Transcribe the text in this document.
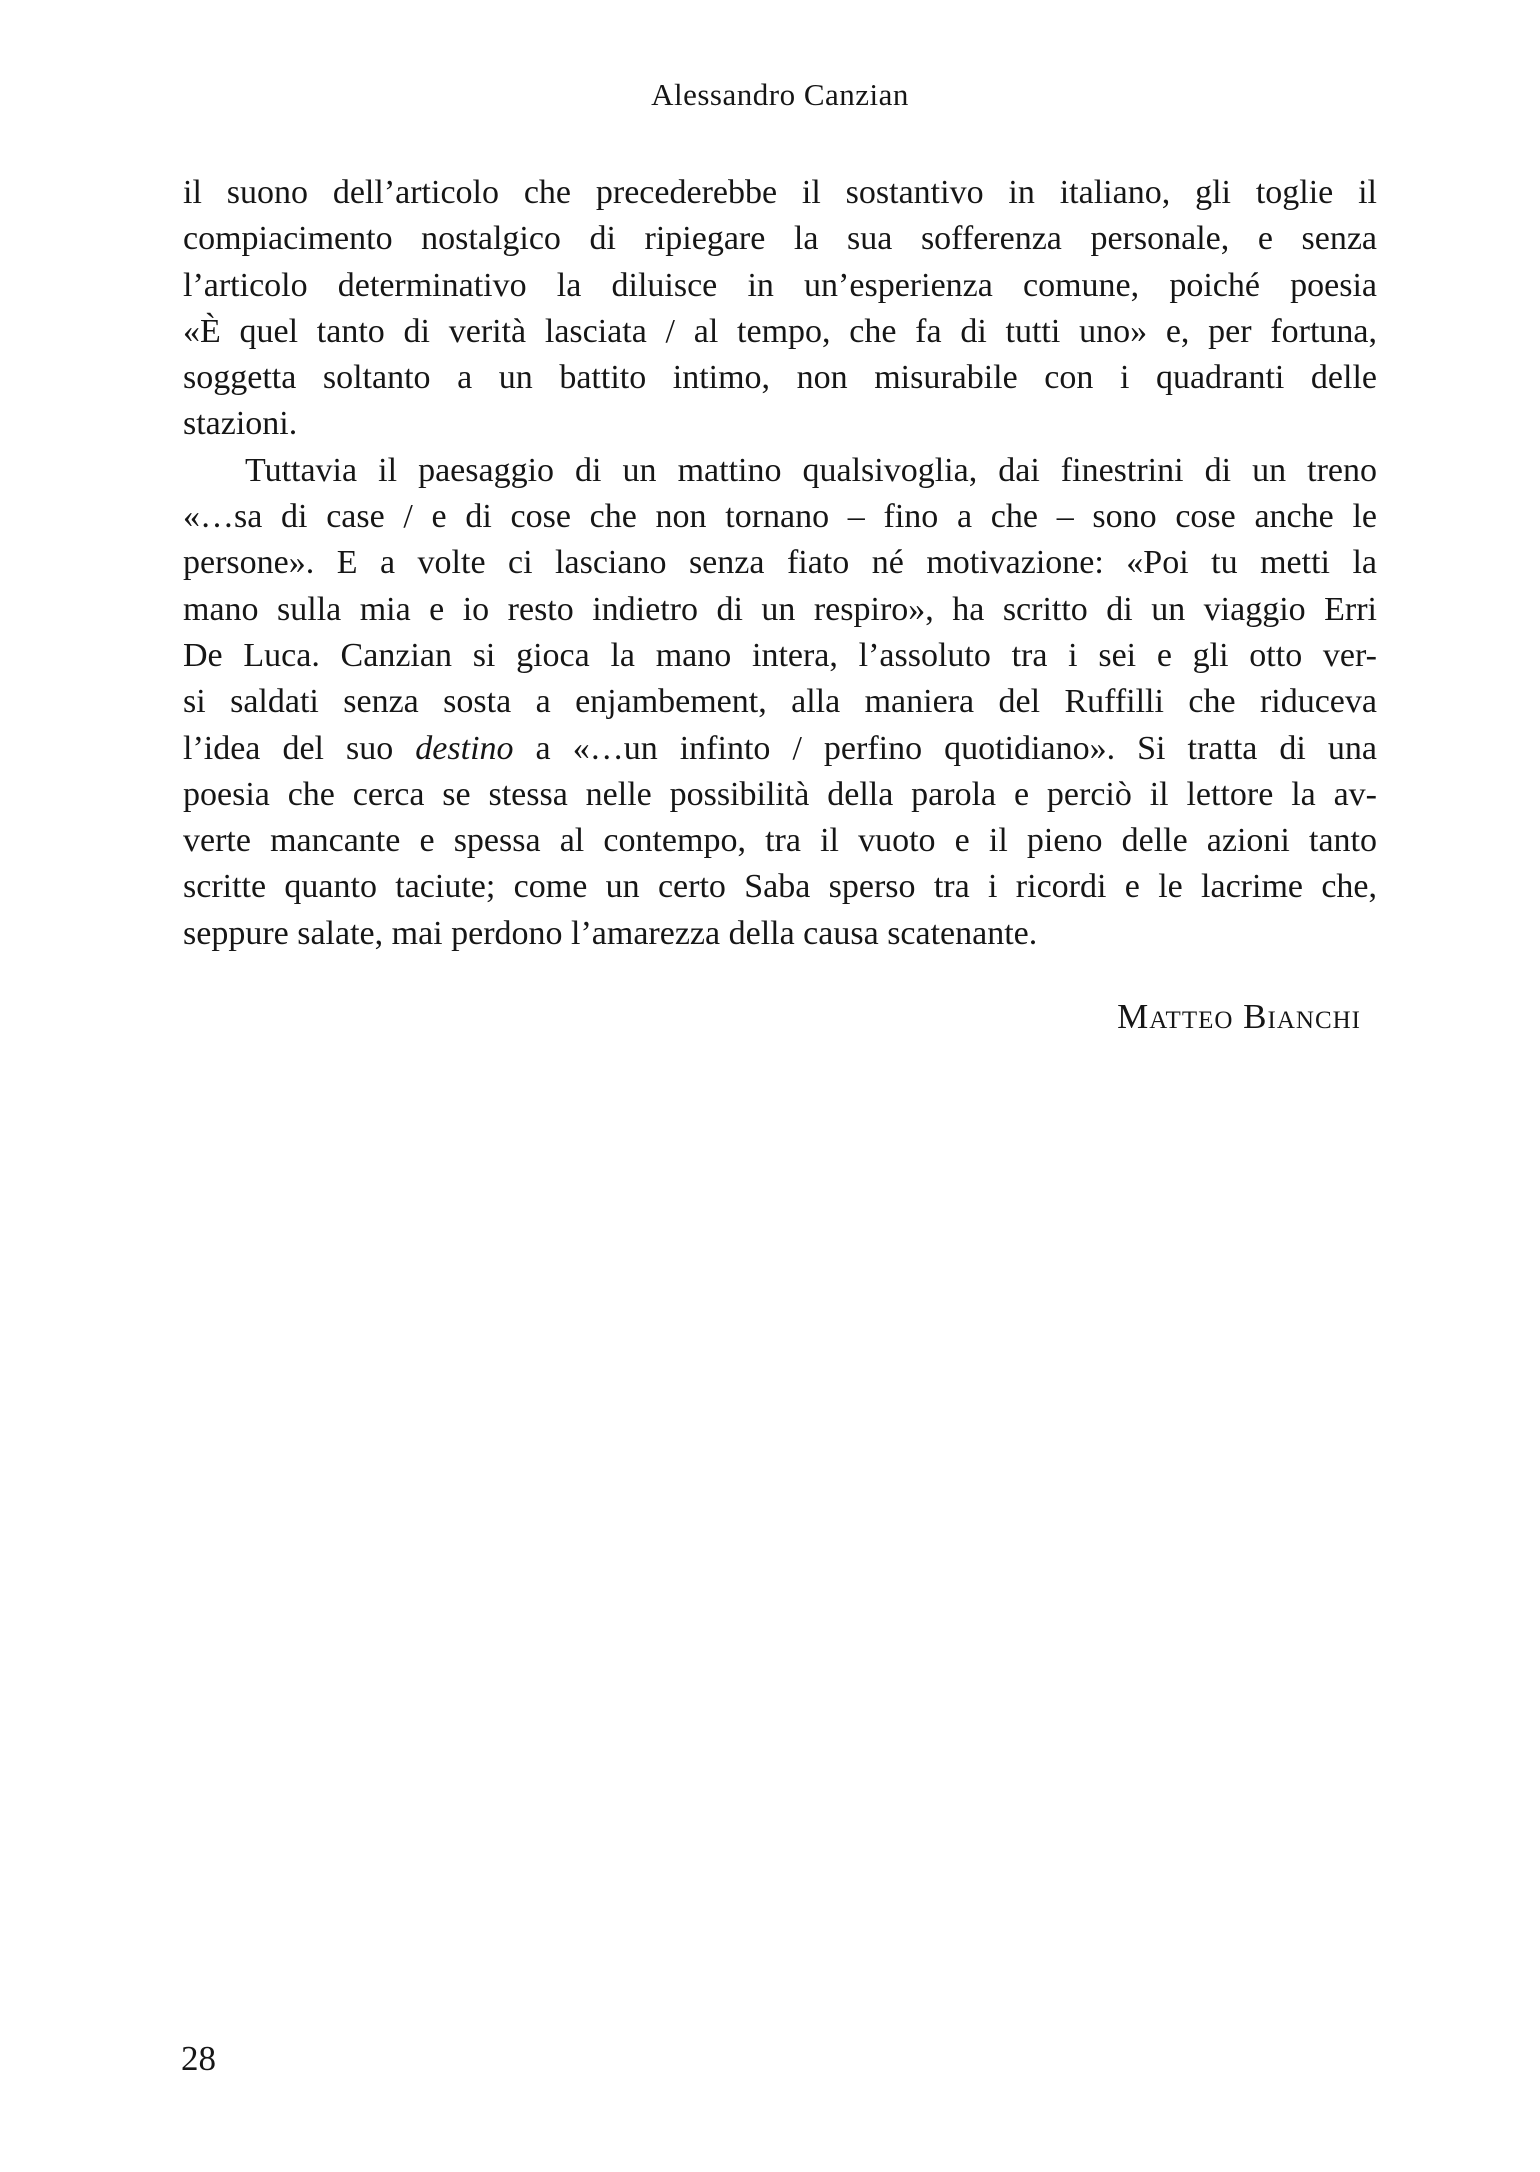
Alessandro Canzian
il suono dell’articolo che precederebbe il sostantivo in italiano, gli toglie il
compiacimento nostalgico di ripiegare la sua sofferenza personale, e senza
l’articolo determinativo la diluisce in un’esperienza comune, poiché poesia
«È quel tanto di verità lasciata / al tempo, che fa di tutti uno» e, per fortuna,
soggetta soltanto a un battito intimo, non misurabile con i quadranti delle
stazioni.
Tuttavia il paesaggio di un mattino qualsivoglia, dai finestrini di un treno
«…sa di case / e di cose che non tornano – fino a che – sono cose anche le
persone». E a volte ci lasciano senza fiato né motivazione: «Poi tu metti la
mano sulla mia e io resto indietro di un respiro», ha scritto di un viaggio Erri
De Luca. Canzian si gioca la mano intera, l’assoluto tra i sei e gli otto ver-
si saldati senza sosta a enjambement, alla maniera del Ruffilli che riduceva
l’idea del suo destino a «…un infinto / perfino quotidiano». Si tratta di una
poesia che cerca se stessa nelle possibilità della parola e perciò il lettore la av-
verte mancante e spessa al contempo, tra il vuoto e il pieno delle azioni tanto
scritte quanto taciute; come un certo Saba sperso tra i ricordi e le lacrime che,
seppure salate, mai perdono l’amarezza della causa scatenante.
Matteo Bianchi
28
